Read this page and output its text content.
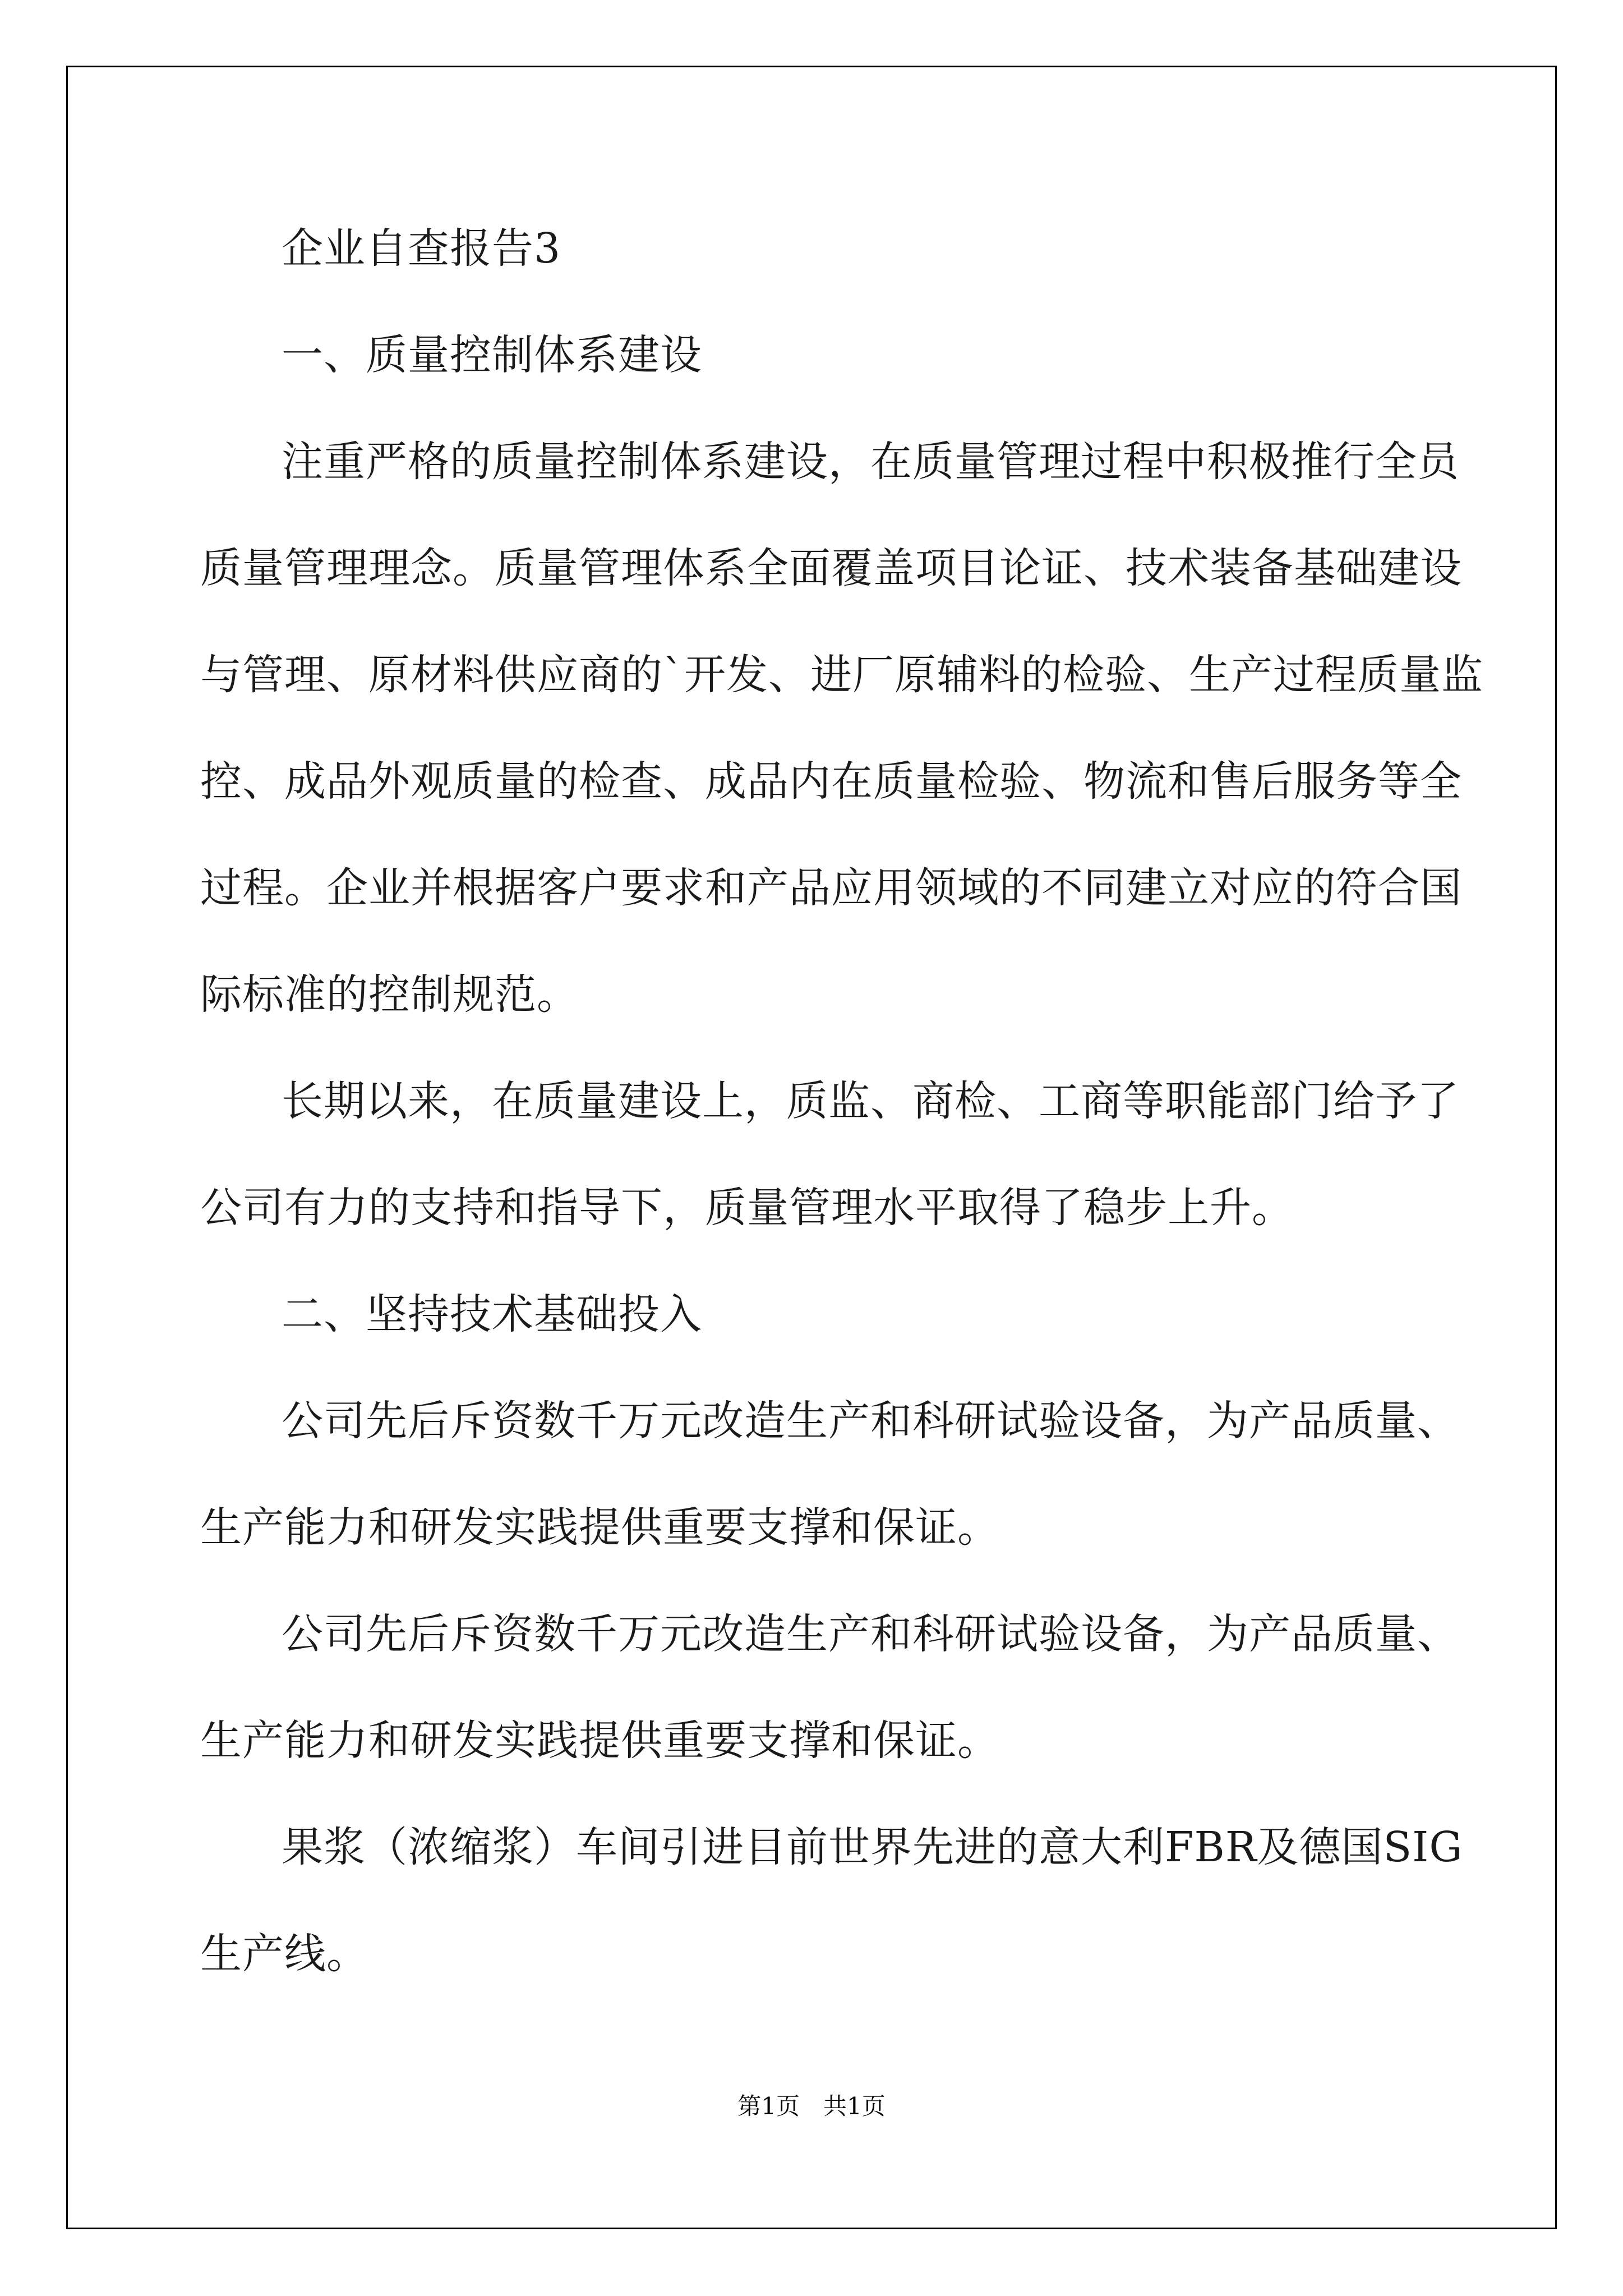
企业自查报告3
一、质量控制体系建设
注重严格的质量控制体系建设，在质量管理过程中积极推行全员
质量管理理念。质量管理体系全面覆盖项目论证、技术装备基础建设
与管理、原材料供应商的`开发、进厂原辅料的检验、生产过程质量监
控、成品外观质量的检查、成品内在质量检验、物流和售后服务等全
过程。企业并根据客户要求和产品应用领域的不同建立对应的符合国
际标准的控制规范。
长期以来，在质量建设上，质监、商检、工商等职能部门给予了
公司有力的支持和指导下，质量管理水平取得了稳步上升。
二、坚持技术基础投入
公司先后斥资数千万元改造生产和科研试验设备，为产品质量、
生产能力和研发实践提供重要支撑和保证。
公司先后斥资数千万元改造生产和科研试验设备，为产品质量、
生产能力和研发实践提供重要支撑和保证。
果浆（浓缩浆）车间引进目前世界先进的意大利FBR及德国SIG
生产线。
第1页　共1页
